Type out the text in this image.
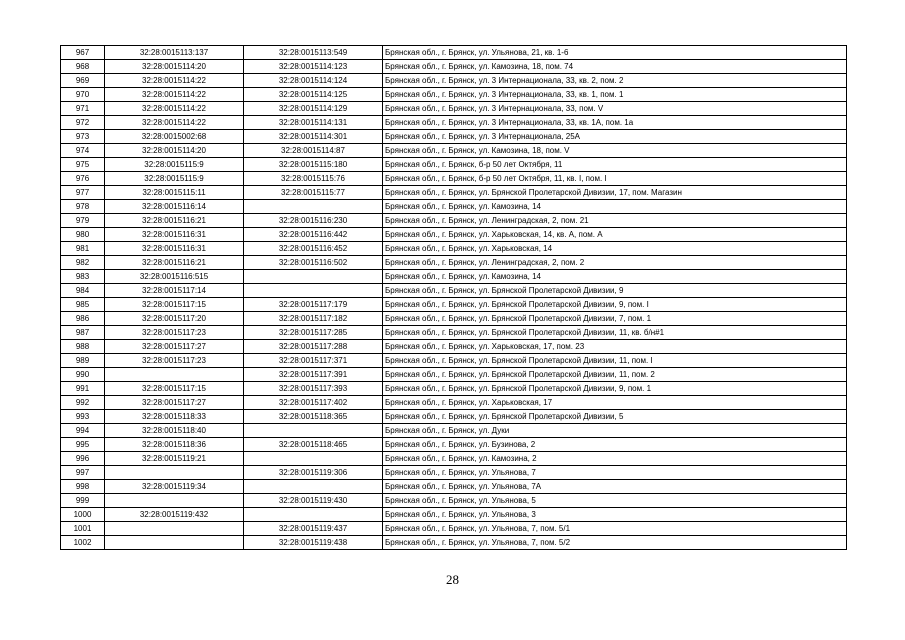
967	32:28:0015113:137	32:28:0015113:549	Брянская обл., г. Брянск, ул. Ульянова, 21, кв. 1-6
968	32:28:0015114:20	32:28:0015114:123	Брянская обл., г. Брянск, ул. Камозина, 18, пом. 74
969	32:28:0015114:22	32:28:0015114:124	Брянская обл., г. Брянск, ул. 3 Интернационала, 33, кв. 2, пом. 2
970	32:28:0015114:22	32:28:0015114:125	Брянская обл., г. Брянск, ул. 3 Интернационала, 33, кв. 1, пом. 1
971	32:28:0015114:22	32:28:0015114:129	Брянская обл., г. Брянск, ул. 3 Интернационала, 33, пом. V
972	32:28:0015114:22	32:28:0015114:131	Брянская обл., г. Брянск, ул. 3 Интернационала, 33, кв. 1А, пом. 1а
973	32:28:0015002:68	32:28:0015114:301	Брянская обл., г. Брянск, ул. 3 Интернационала, 25А
974	32:28:0015114:20	32:28:0015114:87	Брянская обл., г. Брянск, ул. Камозина, 18, пом. V
975	32:28:0015115:9	32:28:0015115:180	Брянская обл., г. Брянск, б-р 50 лет Октября, 11
976	32:28:0015115:9	32:28:0015115:76	Брянская обл., г. Брянск, б-р 50 лет Октября, 11, кв. I, пом. I
977	32:28:0015115:11	32:28:0015115:77	Брянская обл., г. Брянск, ул. Брянской Пролетарской Дивизии, 17, пом. Магазин
978	32:28:0015116:14		Брянская обл., г. Брянск, ул. Камозина, 14
979	32:28:0015116:21	32:28:0015116:230	Брянская обл., г. Брянск, ул. Ленинградская, 2, пом. 21
980	32:28:0015116:31	32:28:0015116:442	Брянская обл., г. Брянск, ул. Харьковская, 14, кв. А, пом. А
981	32:28:0015116:31	32:28:0015116:452	Брянская обл., г. Брянск, ул. Харьковская, 14
982	32:28:0015116:21	32:28:0015116:502	Брянская обл., г. Брянск, ул. Ленинградская, 2, пом. 2
983	32:28:0015116:515		Брянская обл., г. Брянск, ул. Камозина, 14
984	32:28:0015117:14		Брянская обл., г. Брянск, ул. Брянской Пролетарской Дивизии, 9
985	32:28:0015117:15	32:28:0015117:179	Брянская обл., г. Брянск, ул. Брянской Пролетарской Дивизии, 9, пом. I
986	32:28:0015117:20	32:28:0015117:182	Брянская обл., г. Брянск, ул. Брянской Пролетарской Дивизии, 7, пом. 1
987	32:28:0015117:23	32:28:0015117:285	Брянская обл., г. Брянск, ул. Брянской Пролетарской Дивизии, 11, кв. б/н#1
988	32:28:0015117:27	32:28:0015117:288	Брянская обл., г. Брянск, ул. Харьковская, 17, пом. 23
989	32:28:0015117:23	32:28:0015117:371	Брянская обл., г. Брянск, ул. Брянской Пролетарской Дивизии, 11, пом. I
990		32:28:0015117:391	Брянская обл., г. Брянск, ул. Брянской Пролетарской Дивизии, 11, пом. 2
991	32:28:0015117:15	32:28:0015117:393	Брянская обл., г. Брянск, ул. Брянской Пролетарской Дивизии, 9, пом. 1
992	32:28:0015117:27	32:28:0015117:402	Брянская обл., г. Брянск, ул. Харьковская, 17
993	32:28:0015118:33	32:28:0015118:365	Брянская обл., г. Брянск, ул. Брянской Пролетарской Дивизии, 5
994	32:28:0015118:40		Брянская обл., г. Брянск, ул. Дуки
995	32:28:0015118:36	32:28:0015118:465	Брянская обл., г. Брянск, ул. Бузинова, 2
996	32:28:0015119:21		Брянская обл., г. Брянск, ул. Камозина, 2
997		32:28:0015119:306	Брянская обл., г. Брянск, ул. Ульянова, 7
998	32:28:0015119:34		Брянская обл., г. Брянск, ул. Ульянова, 7А
999		32:28:0015119:430	Брянская обл., г. Брянск, ул. Ульянова, 5
1000	32:28:0015119:432		Брянская обл., г. Брянск, ул. Ульянова, 3
1001		32:28:0015119:437	Брянская обл., г. Брянск, ул. Ульянова, 7, пом. 5/1
1002		32:28:0015119:438	Брянская обл., г. Брянск, ул. Ульянова, 7, пом. 5/2
28
